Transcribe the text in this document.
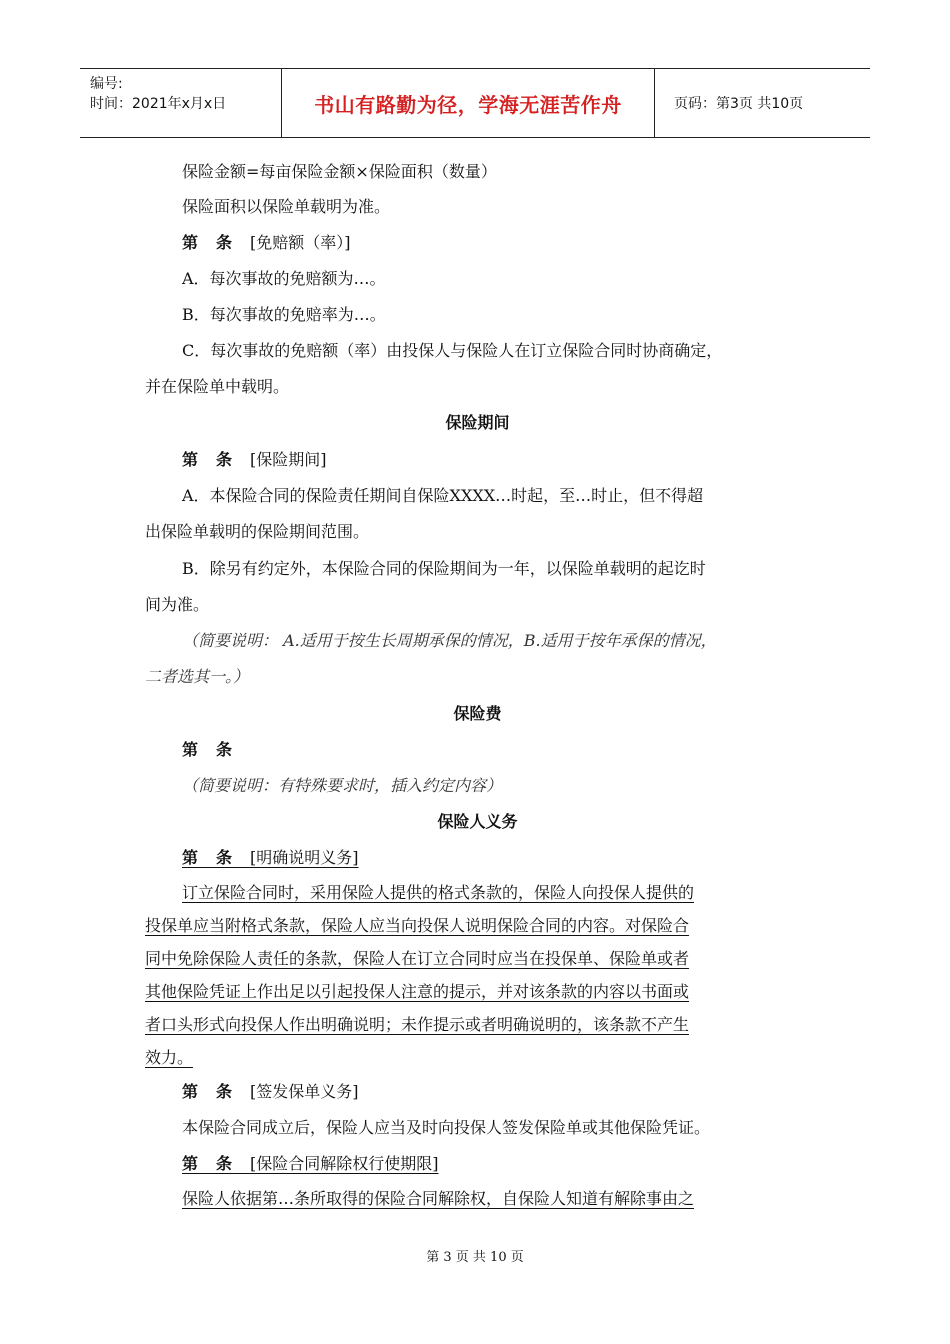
编号:
时间：2021年x月x日	书山有路勤为径，学海无涯苦作舟	页码：第3页 共10页
保险金额=每亩保险金额×保险面积（数量）
保险面积以保险单载明为准。
第条[免赔额（率）]
A．每次事故的免赔额为…。
B．每次事故的免赔率为…。
C．每次事故的免赔额（率）由投保人与保险人在订立保险合同时协商确定，
并在保险单中载明。
保险期间
第条[保险期间]
A．本保险合同的保险责任期间自保险XXXX…时起，至…时止，但不得超
出保险单载明的保险期间范围。
B．除另有约定外，本保险合同的保险期间为一年，以保险单载明的起讫时
间为准。
（简要说明： A.适用于按生长周期承保的情况，B.适用于按年承保的情况，
二者选其一。）
保险费
第条
（简要说明：有特殊要求时，插入约定内容）
保险人义务
第条[明确说明义务]
订立保险合同时，采用保险人提供的格式条款的，保险人向投保人提供的
投保单应当附格式条款，保险人应当向投保人说明保险合同的内容。对保险合
同中免除保险人责任的条款，保险人在订立合同时应当在投保单、保险单或者
其他保险凭证上作出足以引起投保人注意的提示，并对该条款的内容以书面或
者口头形式向投保人作出明确说明；未作提示或者明确说明的，该条款不产生
效力。
第条[签发保单义务]
本保险合同成立后，保险人应当及时向投保人签发保险单或其他保险凭证。
第条[保险合同解除权行使期限]
保险人依据第…条所取得的保险合同解除权，自保险人知道有解除事由之
第 3 页 共 10 页
